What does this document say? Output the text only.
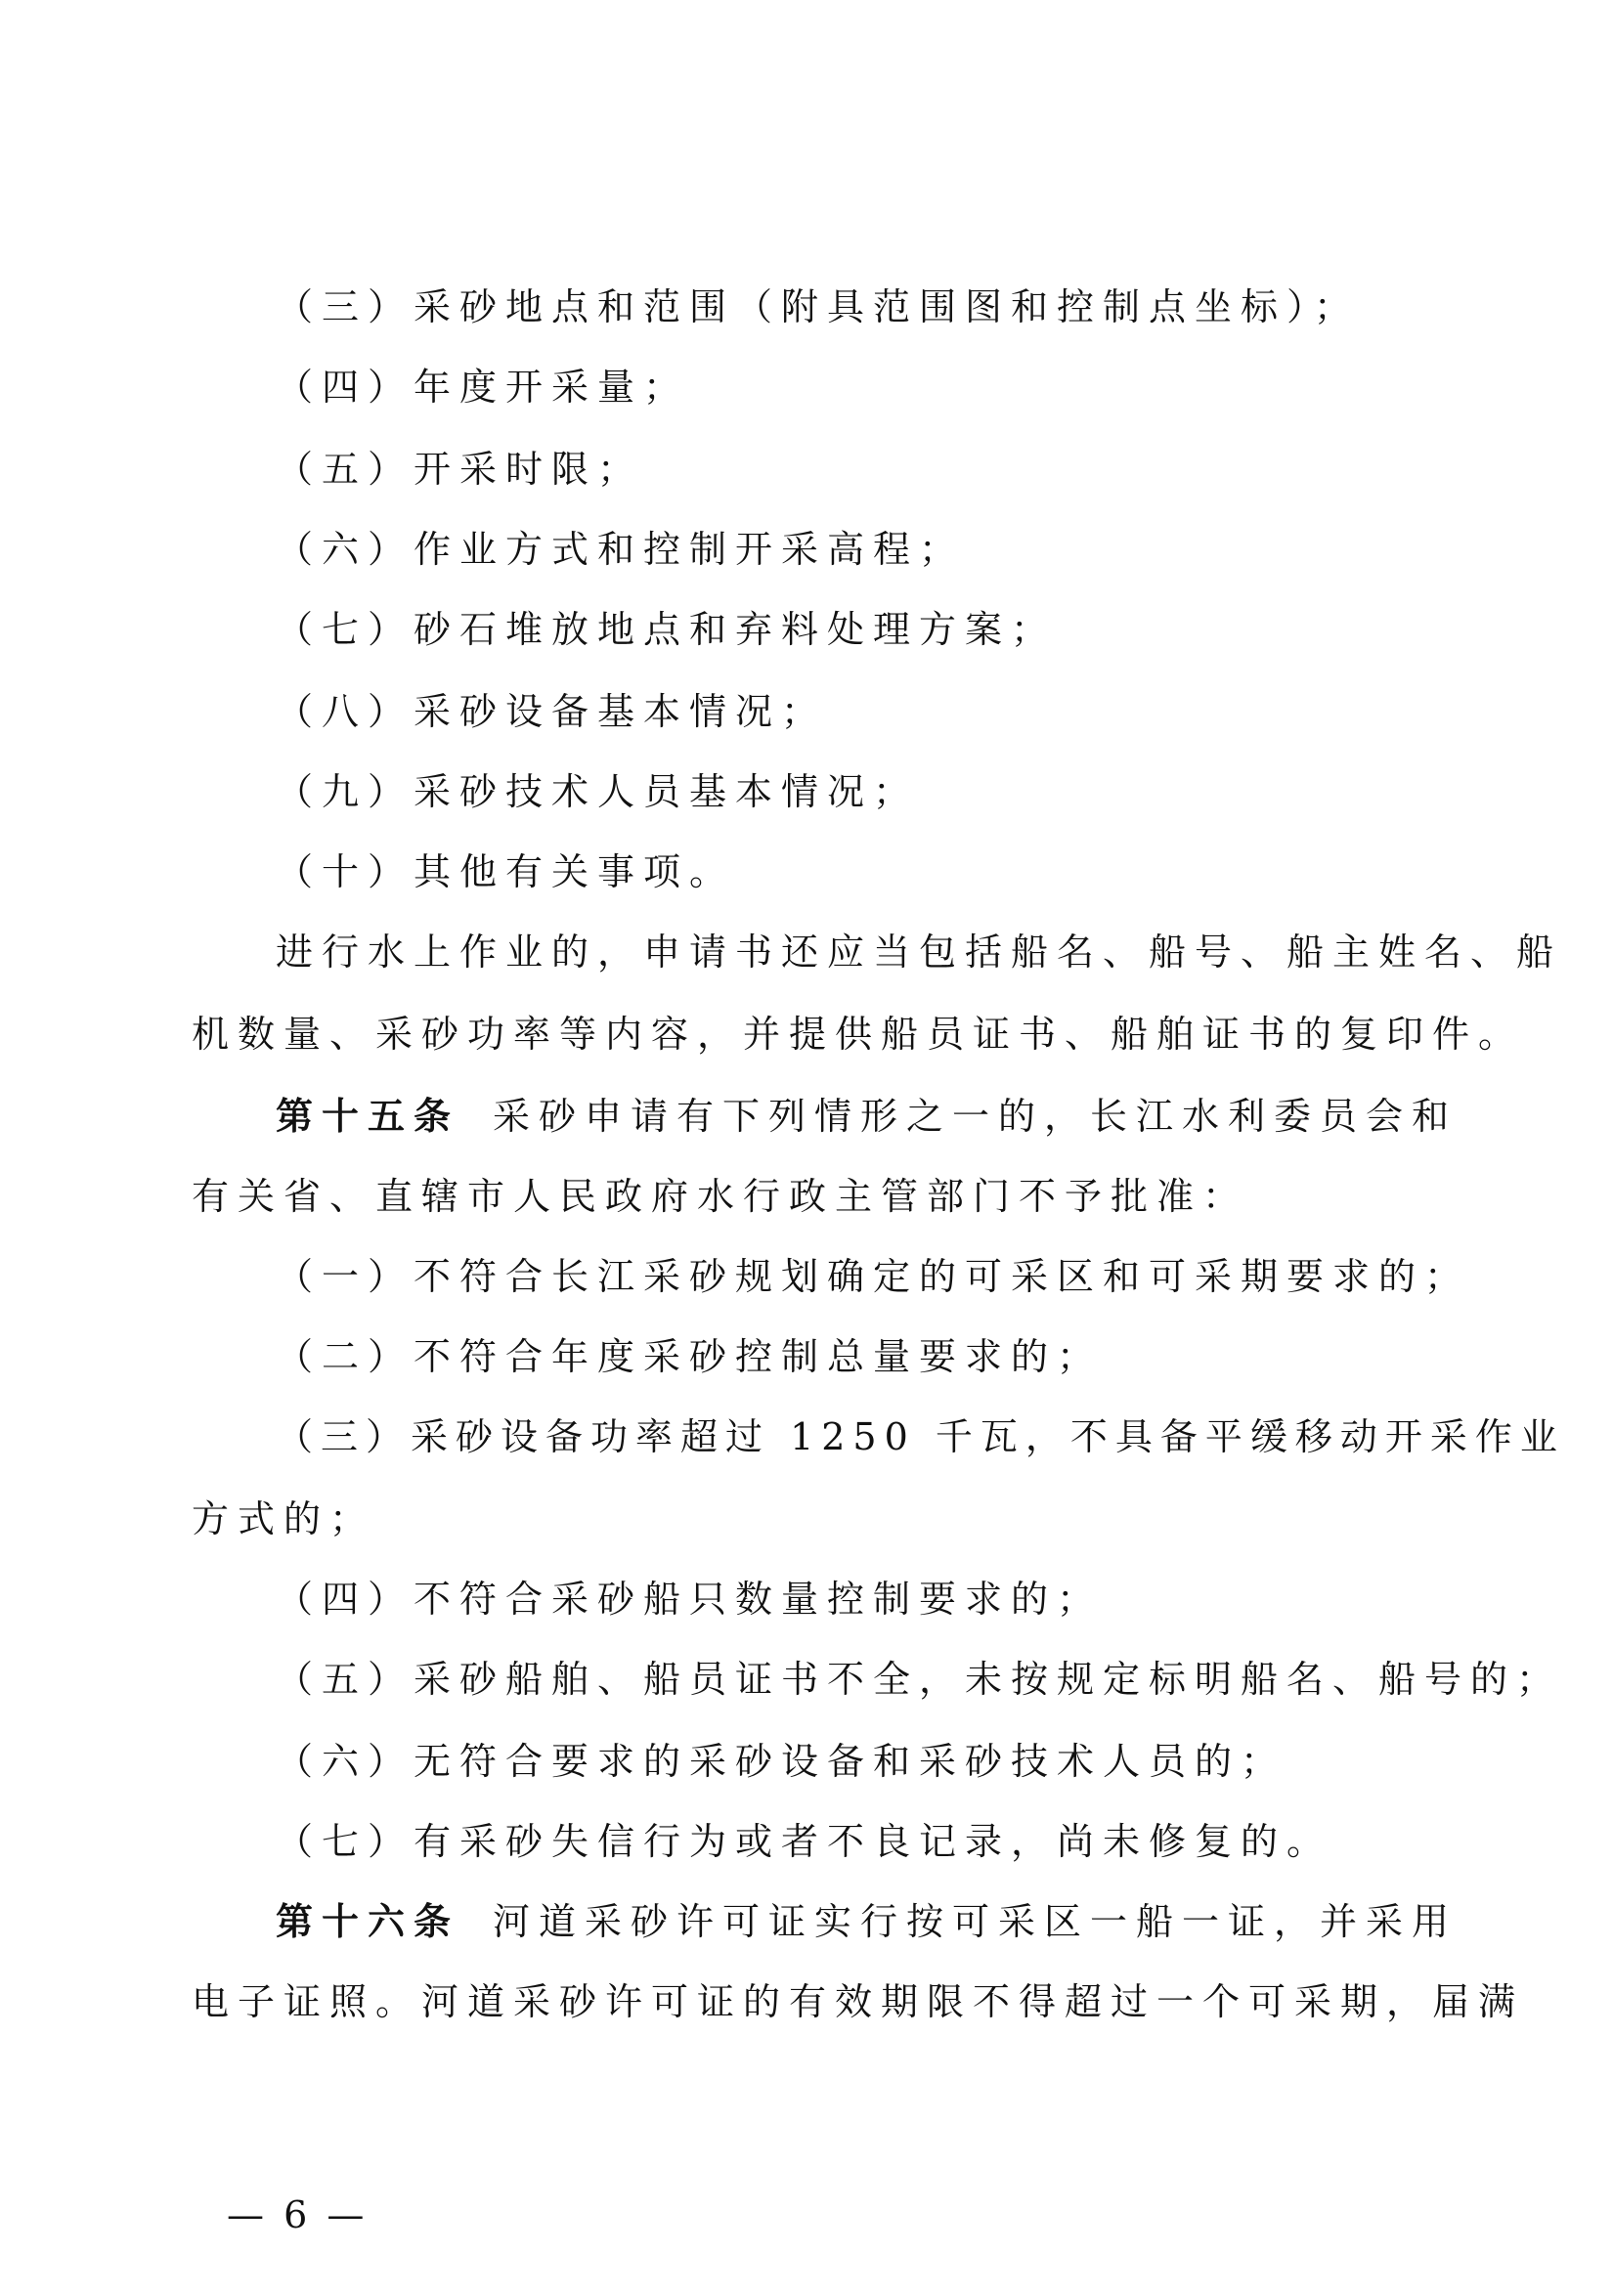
（三）采砂地点和范围（附具范围图和控制点坐标）；
（四）年度开采量；
（五）开采时限；
（六）作业方式和控制开采高程；
（七）砂石堆放地点和弃料处理方案；
（八）采砂设备基本情况；
（九）采砂技术人员基本情况；
（十）其他有关事项。
进行水上作业的，申请书还应当包括船名、船号、船主姓名、船
机数量、采砂功率等内容，并提供船员证书、船舶证书的复印件。
第十五条 采砂申请有下列情形之一的，长江水利委员会和
有关省、直辖市人民政府水行政主管部门不予批准：
（一）不符合长江采砂规划确定的可采区和可采期要求的；
（二）不符合年度采砂控制总量要求的；
（三）采砂设备功率超过 1250 千瓦，不具备平缓移动开采作业
方式的；
（四）不符合采砂船只数量控制要求的；
（五）采砂船舶、船员证书不全，未按规定标明船名、船号的；
（六）无符合要求的采砂设备和采砂技术人员的；
（七）有采砂失信行为或者不良记录，尚未修复的。
第十六条 河道采砂许可证实行按可采区一船一证，并采用
电子证照。河道采砂许可证的有效期限不得超过一个可采期，届满
— 6 —
